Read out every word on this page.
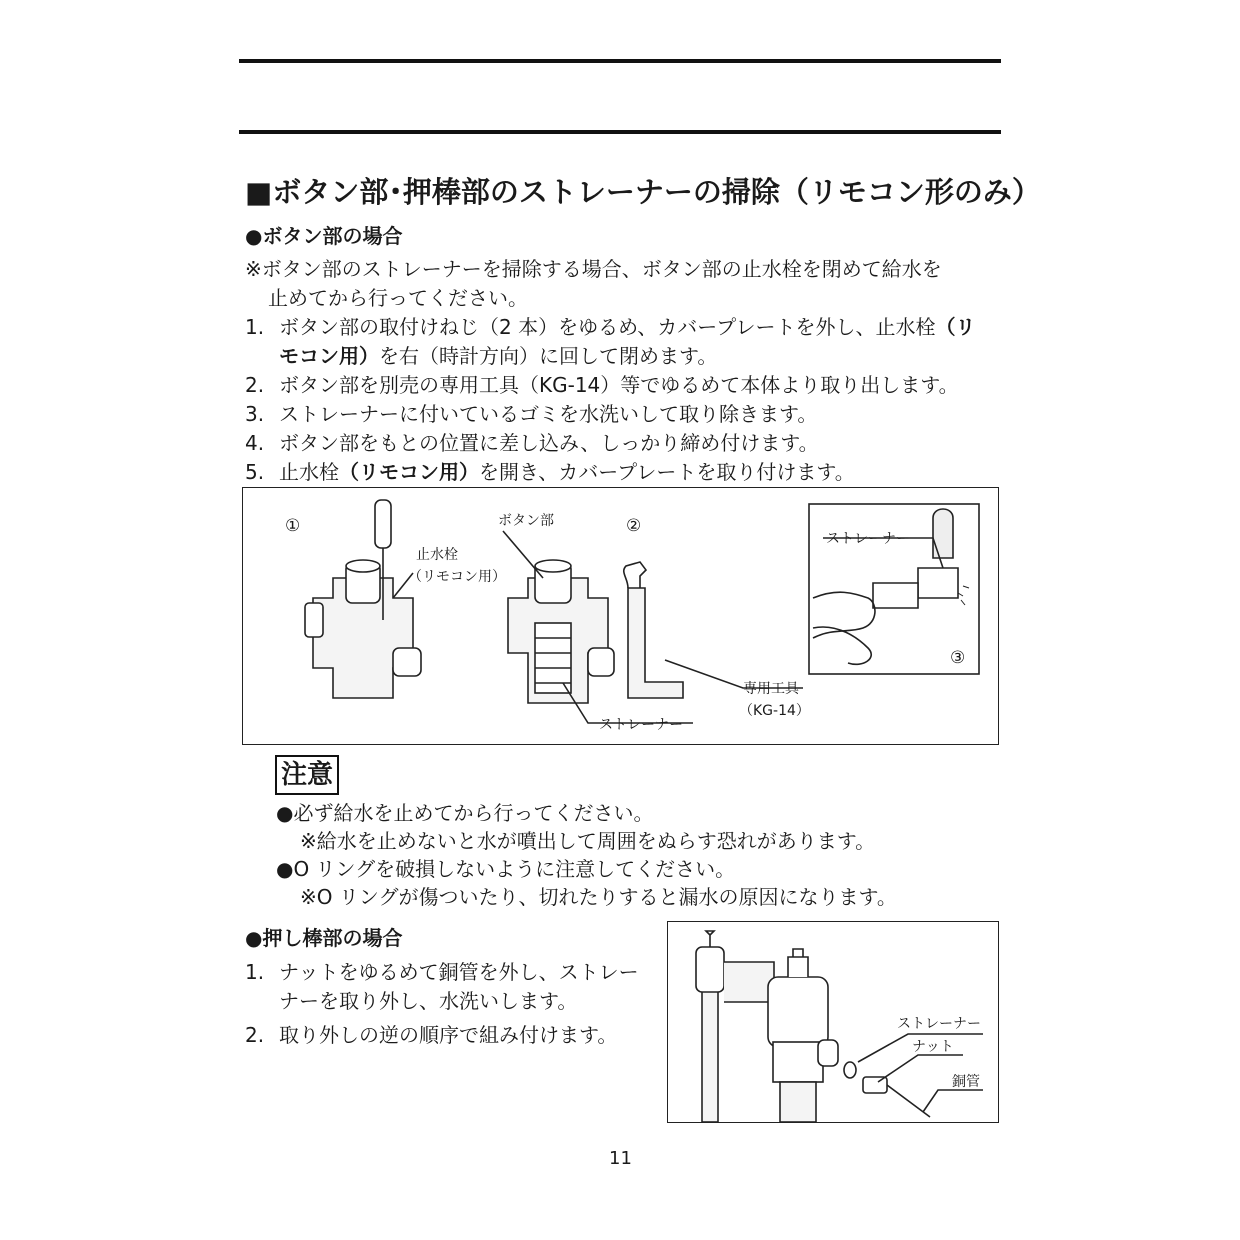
■ボタン部･押棒部のストレーナーの掃除（リモコン形のみ）
●ボタン部の場合
※ボタン部のストレーナーを掃除する場合、ボタン部の止水栓を閉めて給水を
止めてから行ってください。
1. ボタン部の取付けねじ（2 本）をゆるめ、カバープレートを外し、止水栓（リ
モコン用）を右（時計方向）に回して閉めます。
2. ボタン部を別売の専用工具（KG-14）等でゆるめて本体より取り出します。
3. ストレーナーに付いているゴミを水洗いして取り除きます。
4. ボタン部をもとの位置に差し込み、しっかり締め付けます。
5. 止水栓（リモコン用）を開き、カバープレートを取り付けます。
①	②
③
止水栓
（リモコン用）
ボタン部
ストレーナー
専用工具
（KG-14）
ストレーナー
注意
●必ず給水を止めてから行ってください。
※給水を止めないと水が噴出して周囲をぬらす恐れがあります。
●O リングを破損しないように注意してください。
※O リングが傷ついたり、切れたりすると漏水の原因になります。
●押し棒部の場合
1. ナットをゆるめて銅管を外し、ストレー
ナーを取り外し、水洗いします。
2. 取り外しの逆の順序で組み付けます。	ストレーナー
ナット
銅管
11
